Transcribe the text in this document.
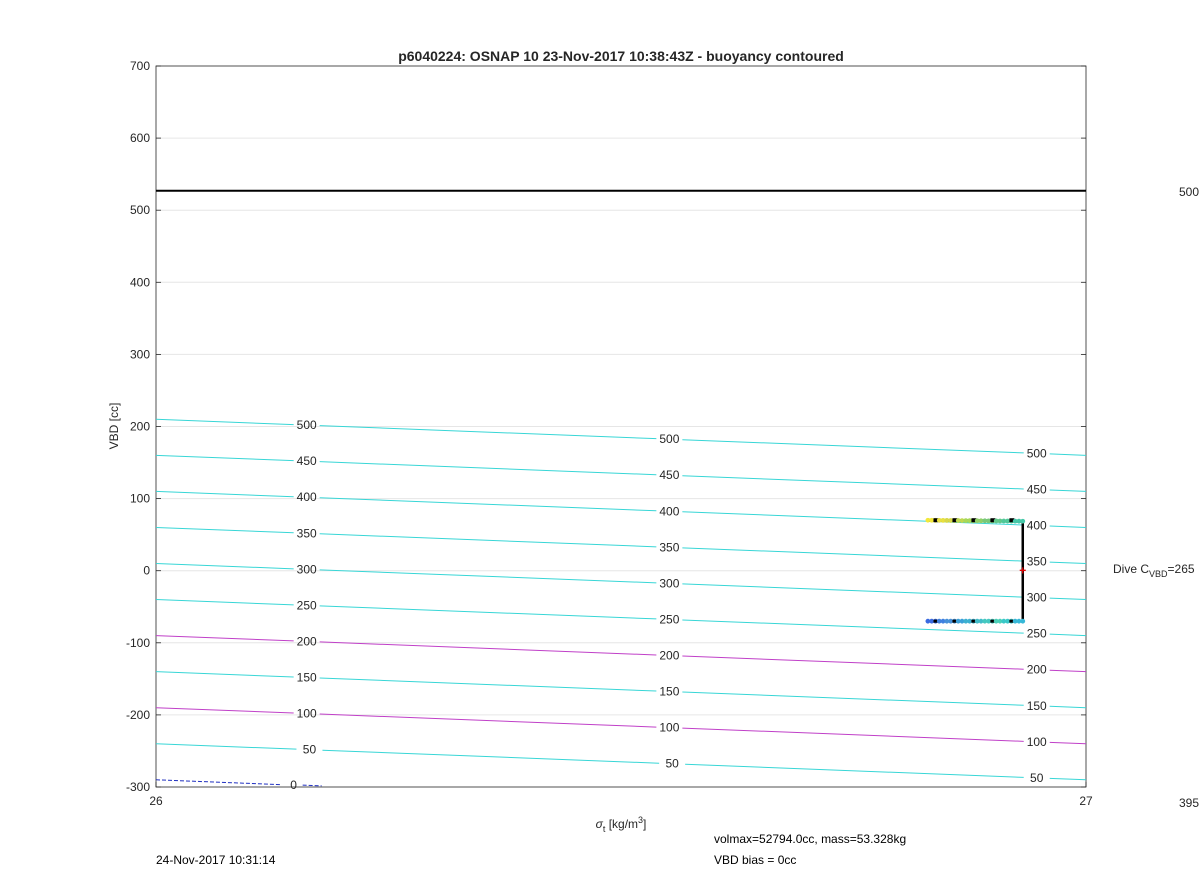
0
50
50
50
100
100
100
150
150
150
200
200
200
250
250
250
300
300
300
350
350
350
400
400
400
450
450
450
500
500
500
+
-300
-200
-100
0
100
200
300
400
500
600
700
26	27
p6040224: OSNAP 10 23-Nov-2017 10:38:43Z - buoyancy contoured
VBD [cc]
$\sigma_t$ $[kg/m^3]$
500
395
Dive $C_{VBD}=265$
24-Nov-2017 10:31:14
volmax=52794.0cc, mass=53.328kg
VBD bias = 0cc
